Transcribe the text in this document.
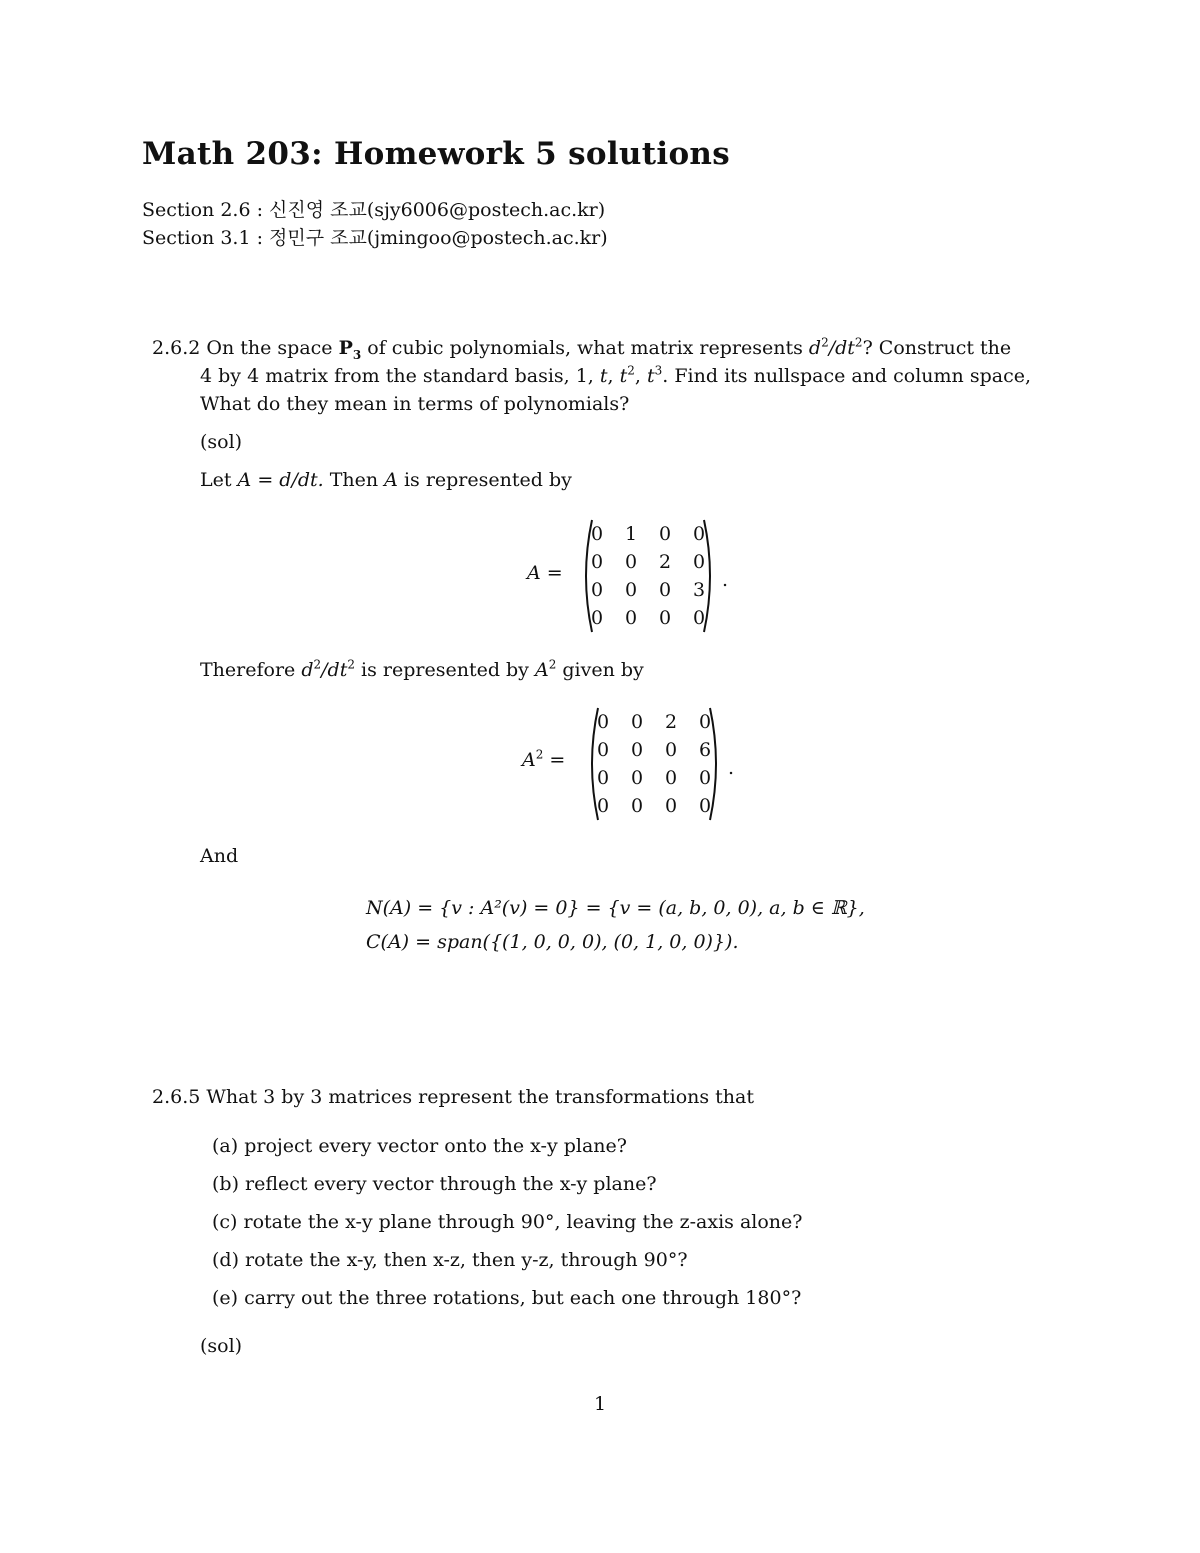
Math 203: Homework 5 solutions
Section 2.6 : 신진영 조교(sjy6006@postech.ac.kr)
Section 3.1 : 정민구 조교(jmingoo@postech.ac.kr)
2.6.2 On the space $P_3$ of cubic polynomials, what matrix represents $d^2/dt^2$? Construct the
4 by 4 matrix from the standard basis, 1, t, $t^2$, $t^3$. Find its nullspace and column space,
What do they mean in terms of polynomials?
(sol)
Let A = d/dt. Then A is represented by
A =
0	1	0	0
0	0	2	0
0	0	0	3
0	0	0	0
.
Therefore $d^2/dt^2$ is represented by $A^2$ given by
$A^2$ =
0	0	2	0
0	0	0	6
0	0	0	0
0	0	0	0
.
And
N(A) = {v : A²(v) = 0} = {v = (a, b, 0, 0), a, b ∈ ℝ},
C(A) = span({(1, 0, 0, 0), (0, 1, 0, 0)}).
2.6.5 What 3 by 3 matrices represent the transformations that
(a) project every vector onto the x-y plane?
(b) reflect every vector through the x-y plane?
(c) rotate the x-y plane through 90°, leaving the z-axis alone?
(d) rotate the x-y, then x-z, then y-z, through 90°?
(e) carry out the three rotations, but each one through 180°?
(sol)
1
